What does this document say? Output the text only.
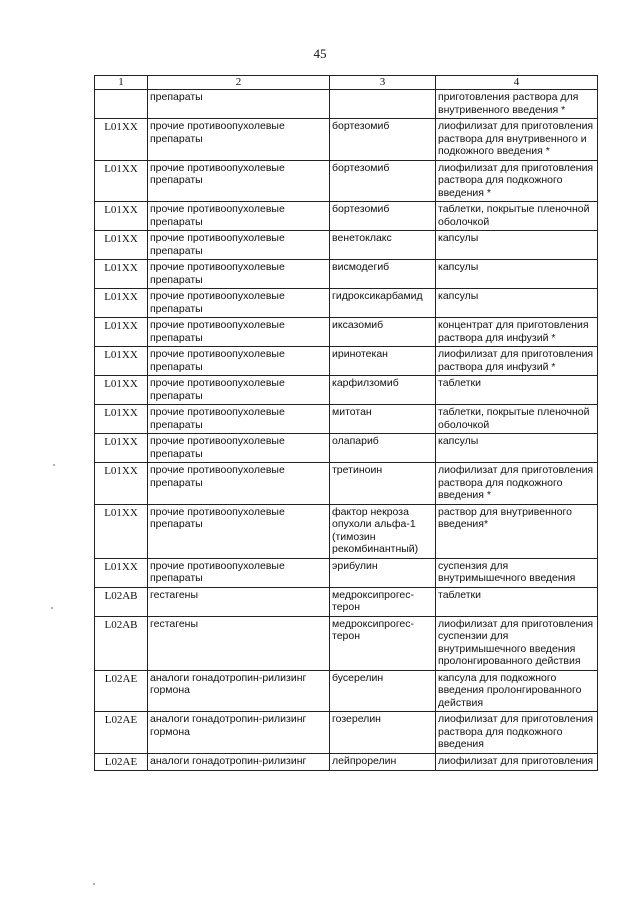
45
1	2	3	4
	препараты		приготовления раствора для внутривенного введения *
L01XX	прочие противоопухолевые препараты	бортезомиб	лиофилизат для приготовления раствора для внутривенного и подкожного введения *
L01XX	прочие противоопухолевые препараты	бортезомиб	лиофилизат для приготовления раствора для подкожного введения *
L01XX	прочие противоопухолевые препараты	бортезомиб	таблетки, покрытые пленочной оболочкой
L01XX	прочие противоопухолевые препараты	венетоклакс	капсулы
L01XX	прочие противоопухолевые препараты	висмодегиб	капсулы
L01XX	прочие противоопухолевые препараты	гидроксикарбамид	капсулы
L01XX	прочие противоопухолевые препараты	иксазомиб	концентрат для приготовления раствора для инфузий *
L01XX	прочие противоопухолевые препараты	иринотекан	лиофилизат для приготовления раствора для инфузий *
L01XX	прочие противоопухолевые препараты	карфилзомиб	таблетки
L01XX	прочие противоопухолевые препараты	митотан	таблетки, покрытые пленочной оболочкой
L01XX	прочие противоопухолевые препараты	олапариб	капсулы
L01XX	прочие противоопухолевые препараты	третиноин	лиофилизат для приготовления раствора для подкожного введения *
L01XX	прочие противоопухолевые препараты	фактор некроза опухоли альфа-1 (тимозин рекомбинантный)	раствор для внутривенного введения*
L01XX	прочие противоопухолевые препараты	эрибулин	суспензия для внутримышечного введения
L02AB	гестагены	медроксипрогес-терон	таблетки
L02AB	гестагены	медроксипрогес-терон	лиофилизат для приготовления суспензии для внутримышечного введения пролонгированного действия
L02AE	аналоги гонадотропин-рилизинг гормона	бусерелин	капсула для подкожного введения пролонгированного действия
L02AE	аналоги гонадотропин-рилизинг гормона	гозерелин	лиофилизат для приготовления раствора для подкожного введения
L02AE	аналоги гонадотропин-рилизинг	лейпрорелин	лиофилизат для приготовления
